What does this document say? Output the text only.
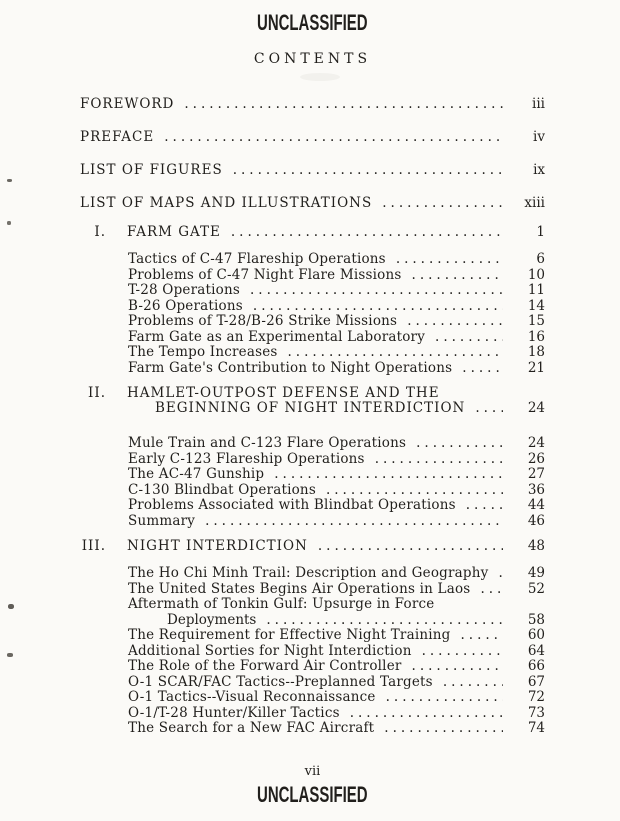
UNCLASSIFIED
CONTENTS
FOREWORD .....	iii
PREFACE .....	iv
LIST OF FIGURES .....	ix
LIST OF MAPS AND ILLUSTRATIONS .....	xiii
I. FARM GATE .....	1
Tactics of C-47 Flareship Operations .....	6
Problems of C-47 Night Flare Missions .....	10
T-28 Operations .....	11
B-26 Operations .....	14
Problems of T-28/B-26 Strike Missions .....	15
Farm Gate as an Experimental Laboratory .....	16
The Tempo Increases .....	18
Farm Gate's Contribution to Night Operations .....	21
II. HAMLET-OUTPOST DEFENSE AND THE
BEGINNING OF NIGHT INTERDICTION .....	24
Mule Train and C-123 Flare Operations .....	24
Early C-123 Flareship Operations .....	26
The AC-47 Gunship .....	27
C-130 Blindbat Operations .....	36
Problems Associated with Blindbat Operations .....	44
Summary .....	46
III. NIGHT INTERDICTION .....	48
The Ho Chi Minh Trail: Description and Geography .....	49
The United States Begins Air Operations in Laos .....	52
Aftermath of Tonkin Gulf: Upsurge in Force
Deployments .....	58
The Requirement for Effective Night Training .....	60
Additional Sorties for Night Interdiction .....	64
The Role of the Forward Air Controller .....	66
O-1 SCAR/FAC Tactics--Preplanned Targets .....	67
O-1 Tactics--Visual Reconnaissance .....	72
O-1/T-28 Hunter/Killer Tactics .....	73
The Search for a New FAC Aircraft .....	74
vii
UNCLASSIFIED
